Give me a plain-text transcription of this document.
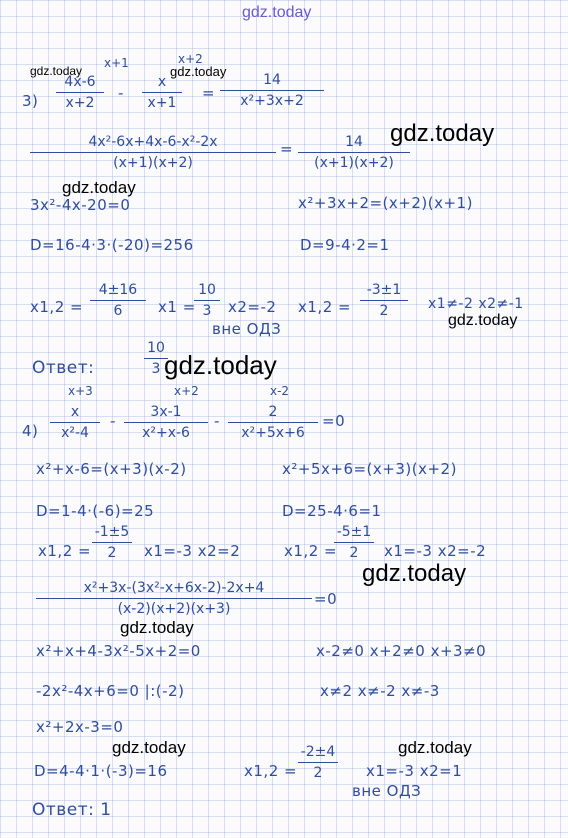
gdz.today
gdz.today
3)
x+1	x+2
4x-6
x+2
-
x
x+1
gdz.today
=
14
x²+3x+2
4x²-6x+4x-6-x²-2x
(x+1)(x+2)
=	14
(x+1)(x+2)
gdz.today
gdz.today
3x²-4x-20=0	x²+3x+2=(x+2)(x+1)
D=16-4·3·(-20)=256	D=9-4·2=1
x1,2 =
4±16
6	x1 =
10
3	x2=-2 x1,2 =
-3±1
2	x1≠-2 x2≠-1
вне ОДЗ	gdz.today
Ответ:
10
3 gdz.today
x+3	x+2	x-2
4)
x
x²-4
-	3x-1
x²+x-6
-	2
x²+5x+6
=0
x²+x-6=(x+3)(x-2)	x²+5x+6=(x+3)(x+2)
D=1-4·(-6)=25	D=25-4·6=1
x1,2 =
-1±5
2	x1=-3 x2=2	x1,2 =
-5±1
2	x1=-3 x2=-2
gdz.today
x²+3x-(3x²-x+6x-2)-2x+4
(x-2)(x+2)(x+3)
=0
gdz.today
x²+x+4-3x²-5x+2=0	x-2≠0 x+2≠0 x+3≠0
-2x²-4x+6=0 |:(-2)	x≠2 x≠-2 x≠-3
x²+2x-3=0
gdz.today	gdz.today
D=4-4·1·(-3)=16	x1,2 =
-2±4
2	x1=-3 x2=1
вне ОДЗ
Ответ: 1
